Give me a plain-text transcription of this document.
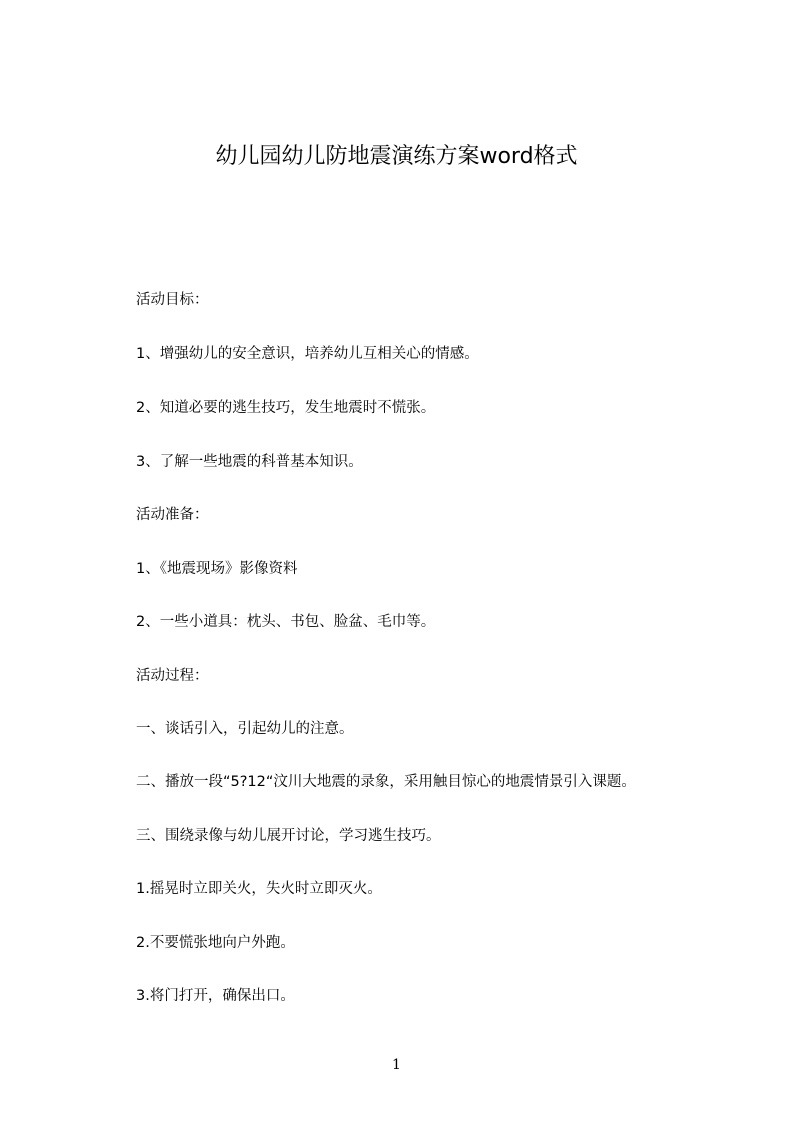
幼儿园幼儿防地震演练方案word格式
活动目标：
1、增强幼儿的安全意识，培养幼儿互相关心的情感。
2、知道必要的逃生技巧，发生地震时不慌张。
3、了解一些地震的科普基本知识。
活动准备：
1、《地震现场》影像资料
2、一些小道具：枕头、书包、脸盆、毛巾等。
活动过程：
一、谈话引入，引起幼儿的注意。
二、播放一段“5?12“汶川大地震的录象，采用触目惊心的地震情景引入课题。
三、围绕录像与幼儿展开讨论，学习逃生技巧。
1.摇晃时立即关火，失火时立即灭火。
2.不要慌张地向户外跑。
3.将门打开，确保出口。
1
